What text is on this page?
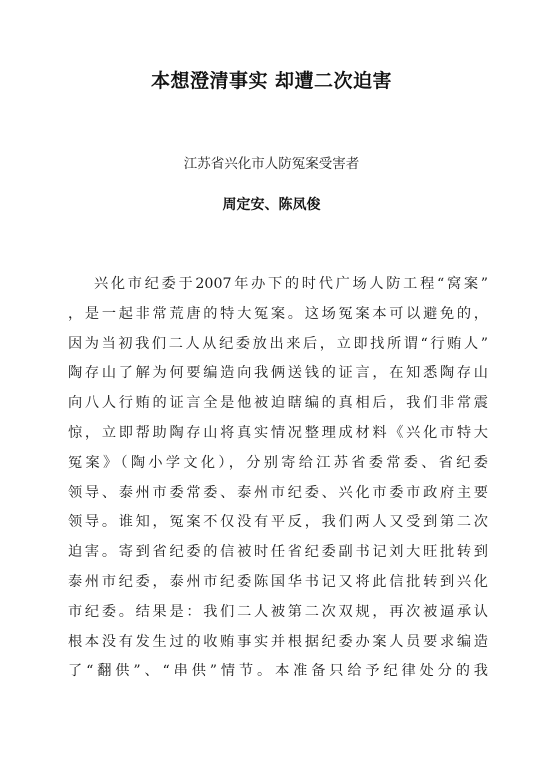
本想澄清事实 却遭二次迫害

江苏省兴化市人防冤案受害者

周定安、陈凤俊

兴化市纪委于2007年办下的时代广场人防工程“窝案”
，是一起非常荒唐的特大冤案。这场冤案本可以避免的，
因为当初我们二人从纪委放出来后，立即找所谓“行贿人”
陶存山了解为何要编造向我俩送钱的证言，在知悉陶存山
向八人行贿的证言全是他被迫瞎编的真相后，我们非常震
惊，立即帮助陶存山将真实情况整理成材料《兴化市特大
冤案》（陶小学文化），分别寄给江苏省委常委、省纪委
领导、泰州市委常委、泰州市纪委、兴化市委市政府主要
领导。谁知，冤案不仅没有平反，我们两人又受到第二次
迫害。寄到省纪委的信被时任省纪委副书记刘大旺批转到
泰州市纪委，泰州市纪委陈国华书记又将此信批转到兴化
市纪委。结果是：我们二人被第二次双规，再次被逼承认
根本没有发生过的收贿事实并根据纪委办案人员要求编造
了“翻供”、“串供”情节。本准备只给予纪律处分的我
